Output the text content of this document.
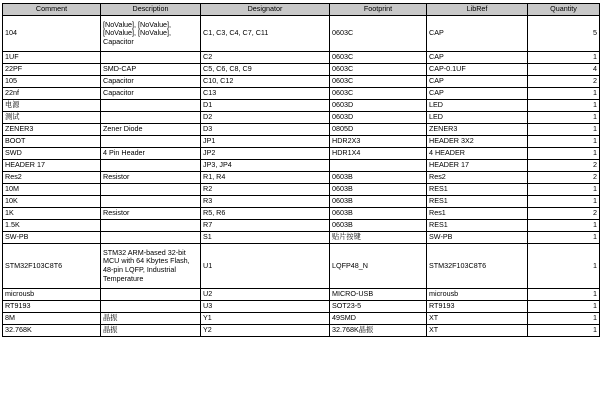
Comment	Description	Designator	Footprint	LibRef	Quantity
104	[NoValue], [NoValue], [NoValue], [NoValue], Capacitor	C1, C3, C4, C7, C11	0603C	CAP	5
1UF		C2	0603C	CAP	1
22PF	SMD-CAP	C5, C6, C8, C9	0603C	CAP-0.1UF	4
105	Capacitor	C10, C12	0603C	CAP	2
22nf	Capacitor	C13	0603C	CAP	1
电源		D1	0603D	LED	1
测试		D2	0603D	LED	1
ZENER3	Zener Diode	D3	0805D	ZENER3	1
BOOT		JP1	HDR2X3	HEADER 3X2	1
SWD	4 Pin Header	JP2	HDR1X4	4 HEADER	1
HEADER 17		JP3, JP4		HEADER 17	2
Res2	Resistor	R1, R4	0603B	Res2	2
10M		R2	0603B	RES1	1
10K		R3	0603B	RES1	1
1K	Resistor	R5, R6	0603B	Res1	2
1.5K		R7	0603B	RES1	1
SW-PB		S1	贴片按键	SW-PB	1
STM32F103C8T6	STM32 ARM-based 32-bit MCU with 64 Kbytes Flash, 48-pin LQFP, Industrial Temperature	U1	LQFP48_N	STM32F103C8T6	1
microusb		U2	MICRO-USB	microusb	1
RT9193		U3	SOT23-5	RT9193	1
8M	晶振	Y1	49SMD	XT	1
32.768K	晶振	Y2	32.768K晶振	XT	1
